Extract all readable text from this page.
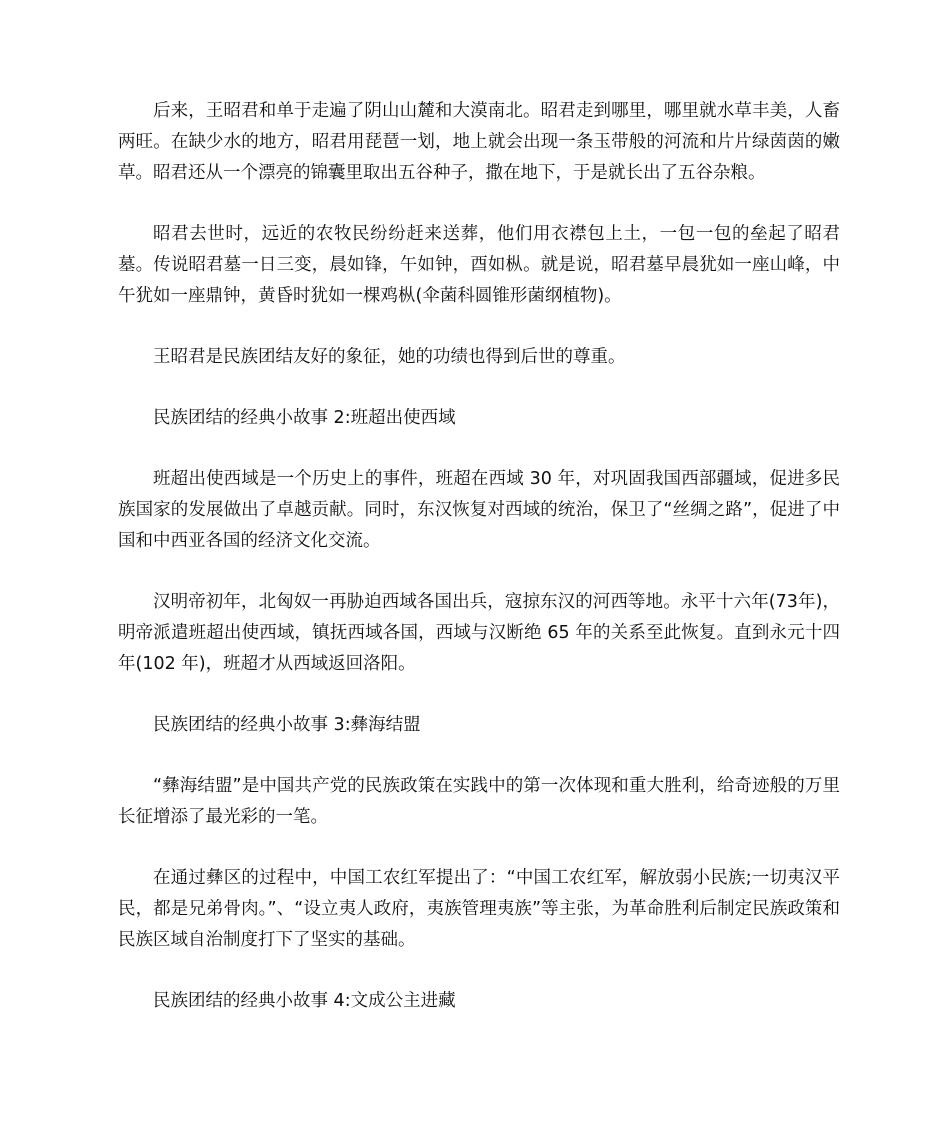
后来，王昭君和单于走遍了阴山山麓和大漠南北。昭君走到哪里，哪里就水草丰美，人畜两旺。在缺少水的地方，昭君用琵琶一划，地上就会出现一条玉带般的河流和片片绿茵茵的嫩草。昭君还从一个漂亮的锦囊里取出五谷种子，撒在地下，于是就长出了五谷杂粮。

昭君去世时，远近的农牧民纷纷赶来送葬，他们用衣襟包上土，一包一包的垒起了昭君墓。传说昭君墓一日三变，晨如锋，午如钟，酉如枞。就是说，昭君墓早晨犹如一座山峰，中午犹如一座鼎钟，黄昏时犹如一棵鸡枞(伞菌科圆锥形菌纲植物)。

王昭君是民族团结友好的象征，她的功绩也得到后世的尊重。

民族团结的经典小故事 2:班超出使西域

班超出使西域是一个历史上的事件，班超在西域 30 年，对巩固我国西部疆域，促进多民族国家的发展做出了卓越贡献。同时，东汉恢复对西域的统治，保卫了“丝绸之路”，促进了中国和中西亚各国的经济文化交流。

汉明帝初年，北匈奴一再胁迫西域各国出兵，寇掠东汉的河西等地。永平十六年(73年)，明帝派遣班超出使西域，镇抚西域各国，西域与汉断绝 65 年的关系至此恢复。直到永元十四年(102 年)，班超才从西域返回洛阳。

民族团结的经典小故事 3:彝海结盟

“彝海结盟”是中国共产党的民族政策在实践中的第一次体现和重大胜利，给奇迹般的万里长征增添了最光彩的一笔。

在通过彝区的过程中，中国工农红军提出了：“中国工农红军，解放弱小民族;一切夷汉平民，都是兄弟骨肉。”、“设立夷人政府，夷族管理夷族”等主张，为革命胜利后制定民族政策和民族区域自治制度打下了坚实的基础。

民族团结的经典小故事 4:文成公主进藏
